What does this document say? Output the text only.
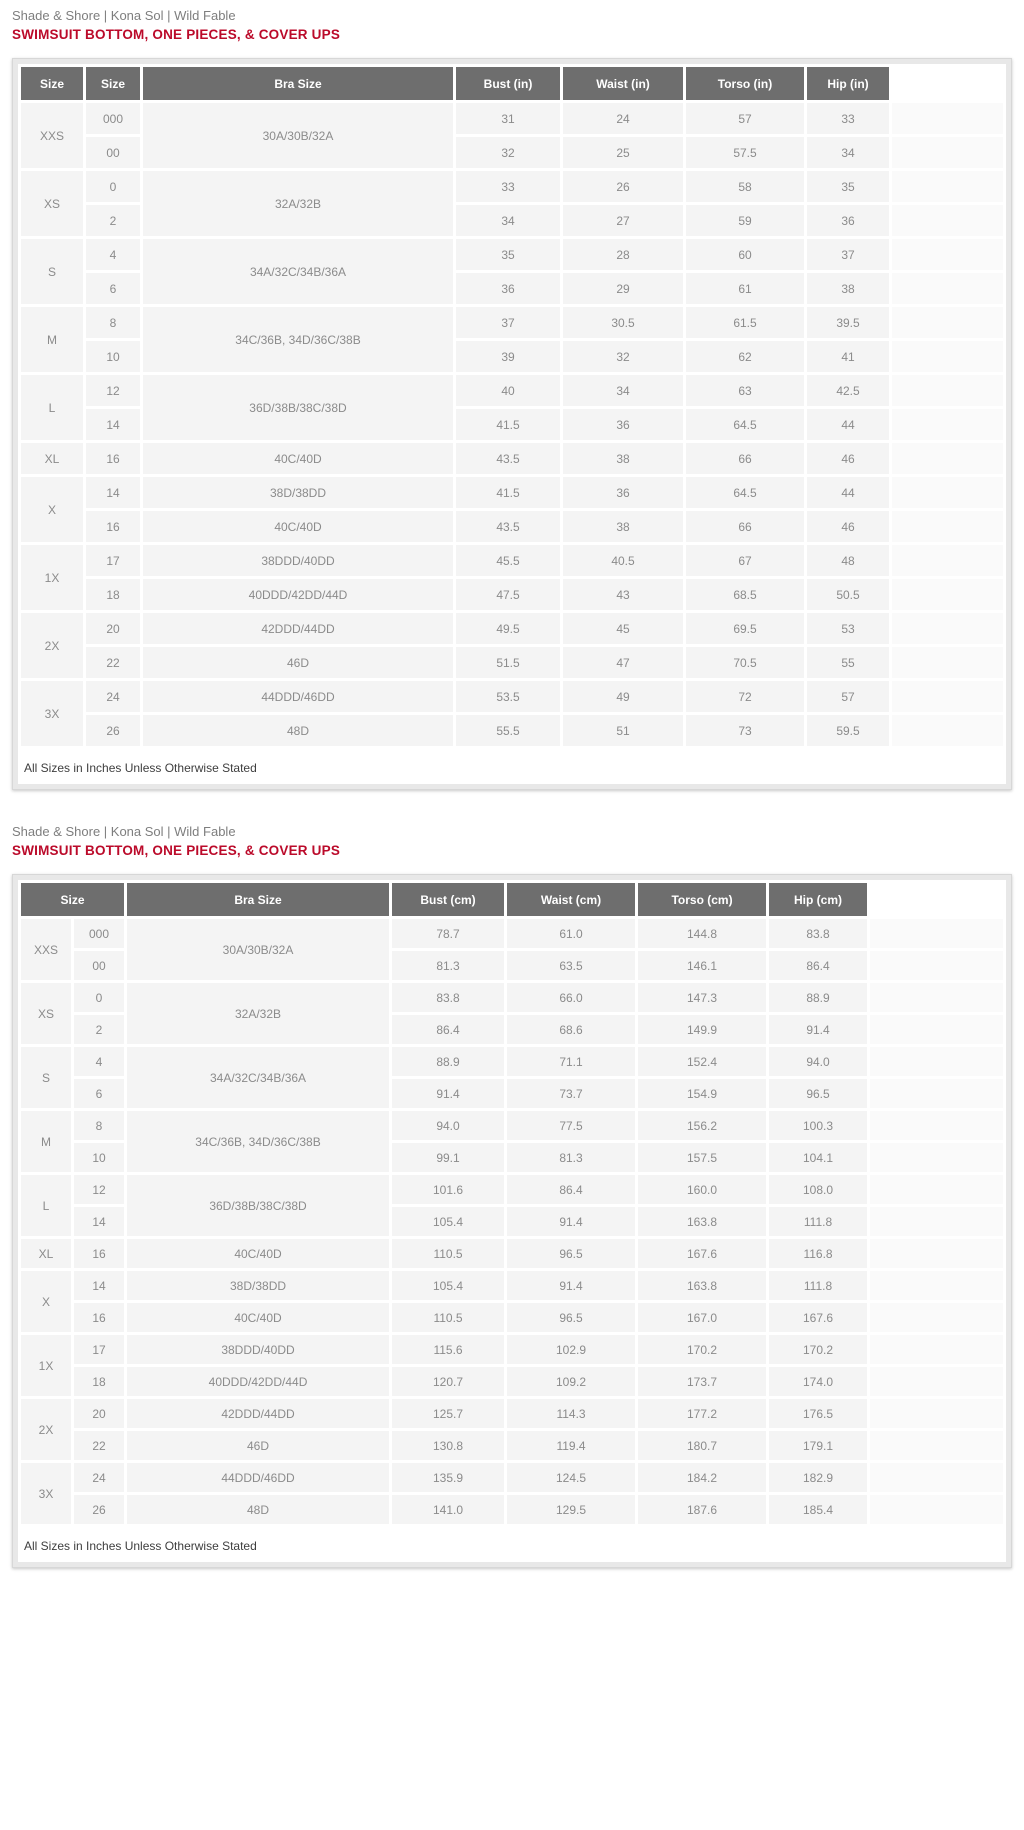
Shade & Shore | Kona Sol | Wild Fable
SWIMSUIT BOTTOM, ONE PIECES, & COVER UPS
Size	Size	Bra Size	Bust (in)	Waist (in)	Torso (in)	Hip (in)	
XXS	000	30A/30B/32A	31	24	57	33	
	00		32	25	57.5	34	
XS	0	32A/32B	33	26	58	35	
	2		34	27	59	36	
S	4	34A/32C/34B/36A	35	28	60	37	
	6		36	29	61	38	
M	8	34C/36B, 34D/36C/38B	37	30.5	61.5	39.5	
	10		39	32	62	41	
L	12	36D/38B/38C/38D	40	34	63	42.5	
	14		41.5	36	64.5	44	
XL	16	40C/40D	43.5	38	66	46	
X	14	38D/38DD	41.5	36	64.5	44	
	16	40C/40D	43.5	38	66	46	
1X	17	38DDD/40DD	45.5	40.5	67	48	
	18	40DDD/42DD/44D	47.5	43	68.5	50.5	
2X	20	42DDD/44DD	49.5	45	69.5	53	
	22	46D	51.5	47	70.5	55	
3X	24	44DDD/46DD	53.5	49	72	57	
	26	48D	55.5	51	73	59.5	
All Sizes in Inches Unless Otherwise Stated
Shade & Shore | Kona Sol | Wild Fable
SWIMSUIT BOTTOM, ONE PIECES, & COVER UPS
Size		Bra Size	Bust (cm)	Waist (cm)	Torso (cm)	Hip (cm)	
XXS	000	30A/30B/32A	78.7	61.0	144.8	83.8	
	00		81.3	63.5	146.1	86.4	
XS	0	32A/32B	83.8	66.0	147.3	88.9	
	2		86.4	68.6	149.9	91.4	
S	4	34A/32C/34B/36A	88.9	71.1	152.4	94.0	
	6		91.4	73.7	154.9	96.5	
M	8	34C/36B, 34D/36C/38B	94.0	77.5	156.2	100.3	
	10		99.1	81.3	157.5	104.1	
L	12	36D/38B/38C/38D	101.6	86.4	160.0	108.0	
	14		105.4	91.4	163.8	111.8	
XL	16	40C/40D	110.5	96.5	167.6	116.8	
X	14	38D/38DD	105.4	91.4	163.8	111.8	
	16	40C/40D	110.5	96.5	167.0	167.6	
1X	17	38DDD/40DD	115.6	102.9	170.2	170.2	
	18	40DDD/42DD/44D	120.7	109.2	173.7	174.0	
2X	20	42DDD/44DD	125.7	114.3	177.2	176.5	
	22	46D	130.8	119.4	180.7	179.1	
3X	24	44DDD/46DD	135.9	124.5	184.2	182.9	
	26	48D	141.0	129.5	187.6	185.4	
All Sizes in Inches Unless Otherwise Stated
